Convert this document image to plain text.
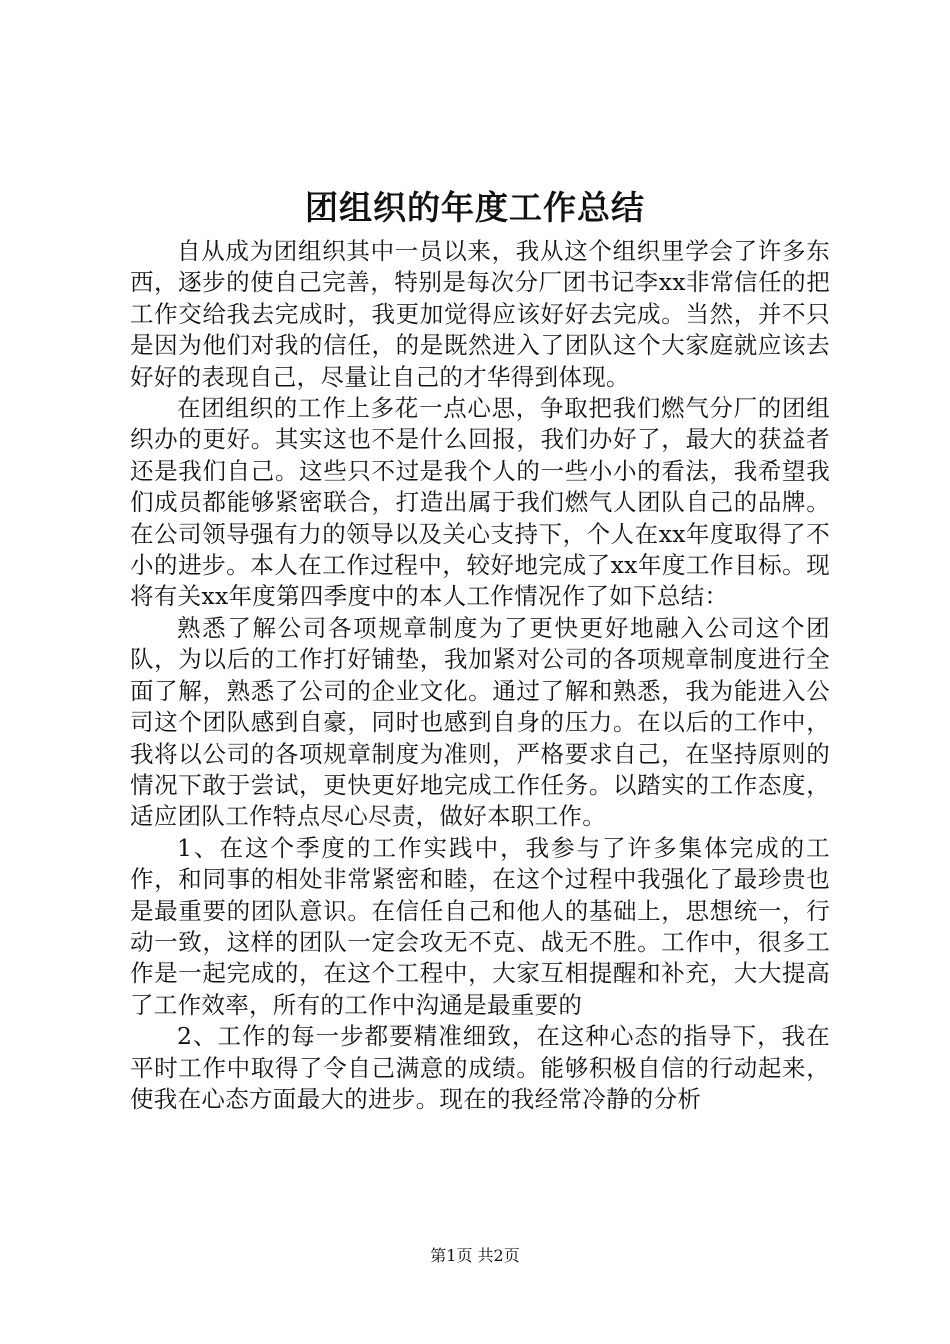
团组织的年度工作总结

自从成为团组织其中一员以来，我从这个组织里学会了许多东西，逐步的使自己完善，特别是每次分厂团书记李xx非常信任的把工作交给我去完成时，我更加觉得应该好好去完成。当然，并不只是因为他们对我的信任，的是既然进入了团队这个大家庭就应该去好好的表现自己，尽量让自己的才华得到体现。

在团组织的工作上多花一点心思，争取把我们燃气分厂的团组织办的更好。其实这也不是什么回报，我们办好了，最大的获益者还是我们自己。这些只不过是我个人的一些小小的看法，我希望我们成员都能够紧密联合，打造出属于我们燃气人团队自己的品牌。在公司领导强有力的领导以及关心支持下，个人在xx年度取得了不小的进步。本人在工作过程中，较好地完成了xx年度工作目标。现将有关xx年度第四季度中的本人工作情况作了如下总结：

熟悉了解公司各项规章制度为了更快更好地融入公司这个团队，为以后的工作打好铺垫，我加紧对公司的各项规章制度进行全面了解，熟悉了公司的企业文化。通过了解和熟悉，我为能进入公司这个团队感到自豪，同时也感到自身的压力。在以后的工作中，我将以公司的各项规章制度为准则，严格要求自己，在坚持原则的情况下敢于尝试，更快更好地完成工作任务。以踏实的工作态度，适应团队工作特点尽心尽责，做好本职工作。

1、在这个季度的工作实践中，我参与了许多集体完成的工作，和同事的相处非常紧密和睦，在这个过程中我强化了最珍贵也是最重要的团队意识。在信任自己和他人的基础上，思想统一，行动一致，这样的团队一定会攻无不克、战无不胜。工作中，很多工作是一起完成的，在这个工程中，大家互相提醒和补充，大大提高了工作效率，所有的工作中沟通是最重要的

2、工作的每一步都要精准细致，在这种心态的指导下，我在平时工作中取得了令自己满意的成绩。能够积极自信的行动起来，使我在心态方面最大的进步。现在的我经常冷静的分析

第1页 共2页
